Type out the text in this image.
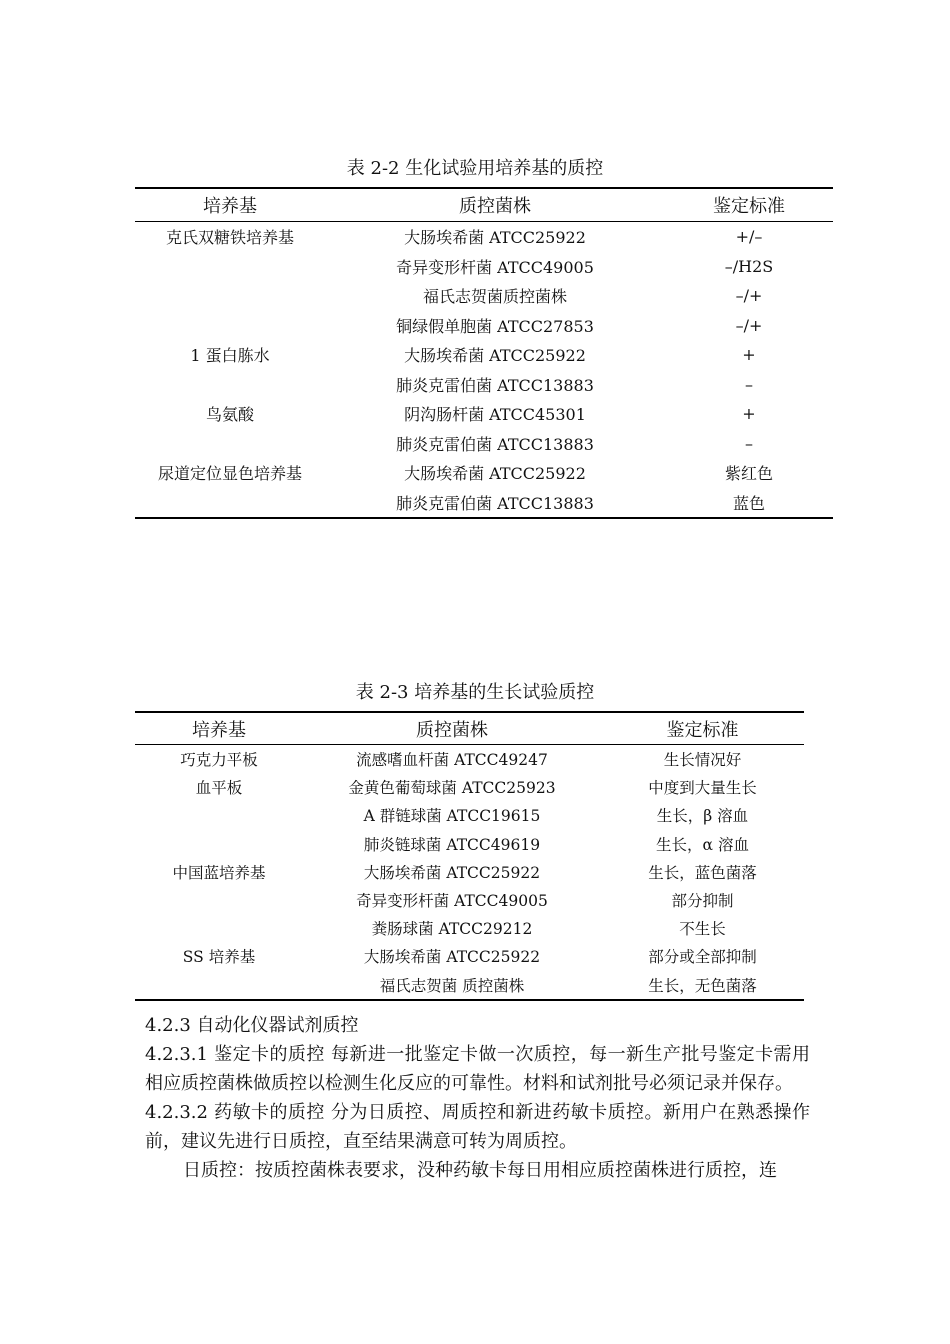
表 2-2 生化试验用培养基的质控
培养基	质控菌株	鉴定标准
克氏双糖铁培养基	大肠埃希菌 ATCC25922	+/–
	奇异变形杆菌 ATCC49005	–/H2S
	福氏志贺菌质控菌株	–/+
	铜绿假单胞菌 ATCC27853	–/+
1 蛋白胨水	大肠埃希菌 ATCC25922	+
	肺炎克雷伯菌 ATCC13883	–
鸟氨酸	阴沟肠杆菌 ATCC45301	+
	肺炎克雷伯菌 ATCC13883	–
尿道定位显色培养基	大肠埃希菌 ATCC25922	紫红色
	肺炎克雷伯菌 ATCC13883	蓝色
表 2-3 培养基的生长试验质控
培养基	质控菌株	鉴定标准
巧克力平板	流感嗜血杆菌 ATCC49247	生长情况好
血平板	金黄色葡萄球菌 ATCC25923	中度到大量生长
	A 群链球菌 ATCC19615	生长，β 溶血
	肺炎链球菌 ATCC49619	生长，α 溶血
中国蓝培养基	大肠埃希菌 ATCC25922	生长，蓝色菌落
	奇异变形杆菌 ATCC49005	部分抑制
	粪肠球菌 ATCC29212	不生长
SS 培养基	大肠埃希菌 ATCC25922	部分或全部抑制
	福氏志贺菌 质控菌株	生长，无色菌落

4.2.3 自动化仪器试剂质控

4.2.3.1 鉴定卡的质控 每新进一批鉴定卡做一次质控，每一新生产批号鉴定卡需用相应质控菌株做质控以检测生化反应的可靠性。材料和试剂批号必须记录并保存。

4.2.3.2 药敏卡的质控 分为日质控、周质控和新进药敏卡质控。新用户在熟悉操作前，建议先进行日质控，直至结果满意可转为周质控。

日质控：按质控菌株表要求，没种药敏卡每日用相应质控菌株进行质控，连
